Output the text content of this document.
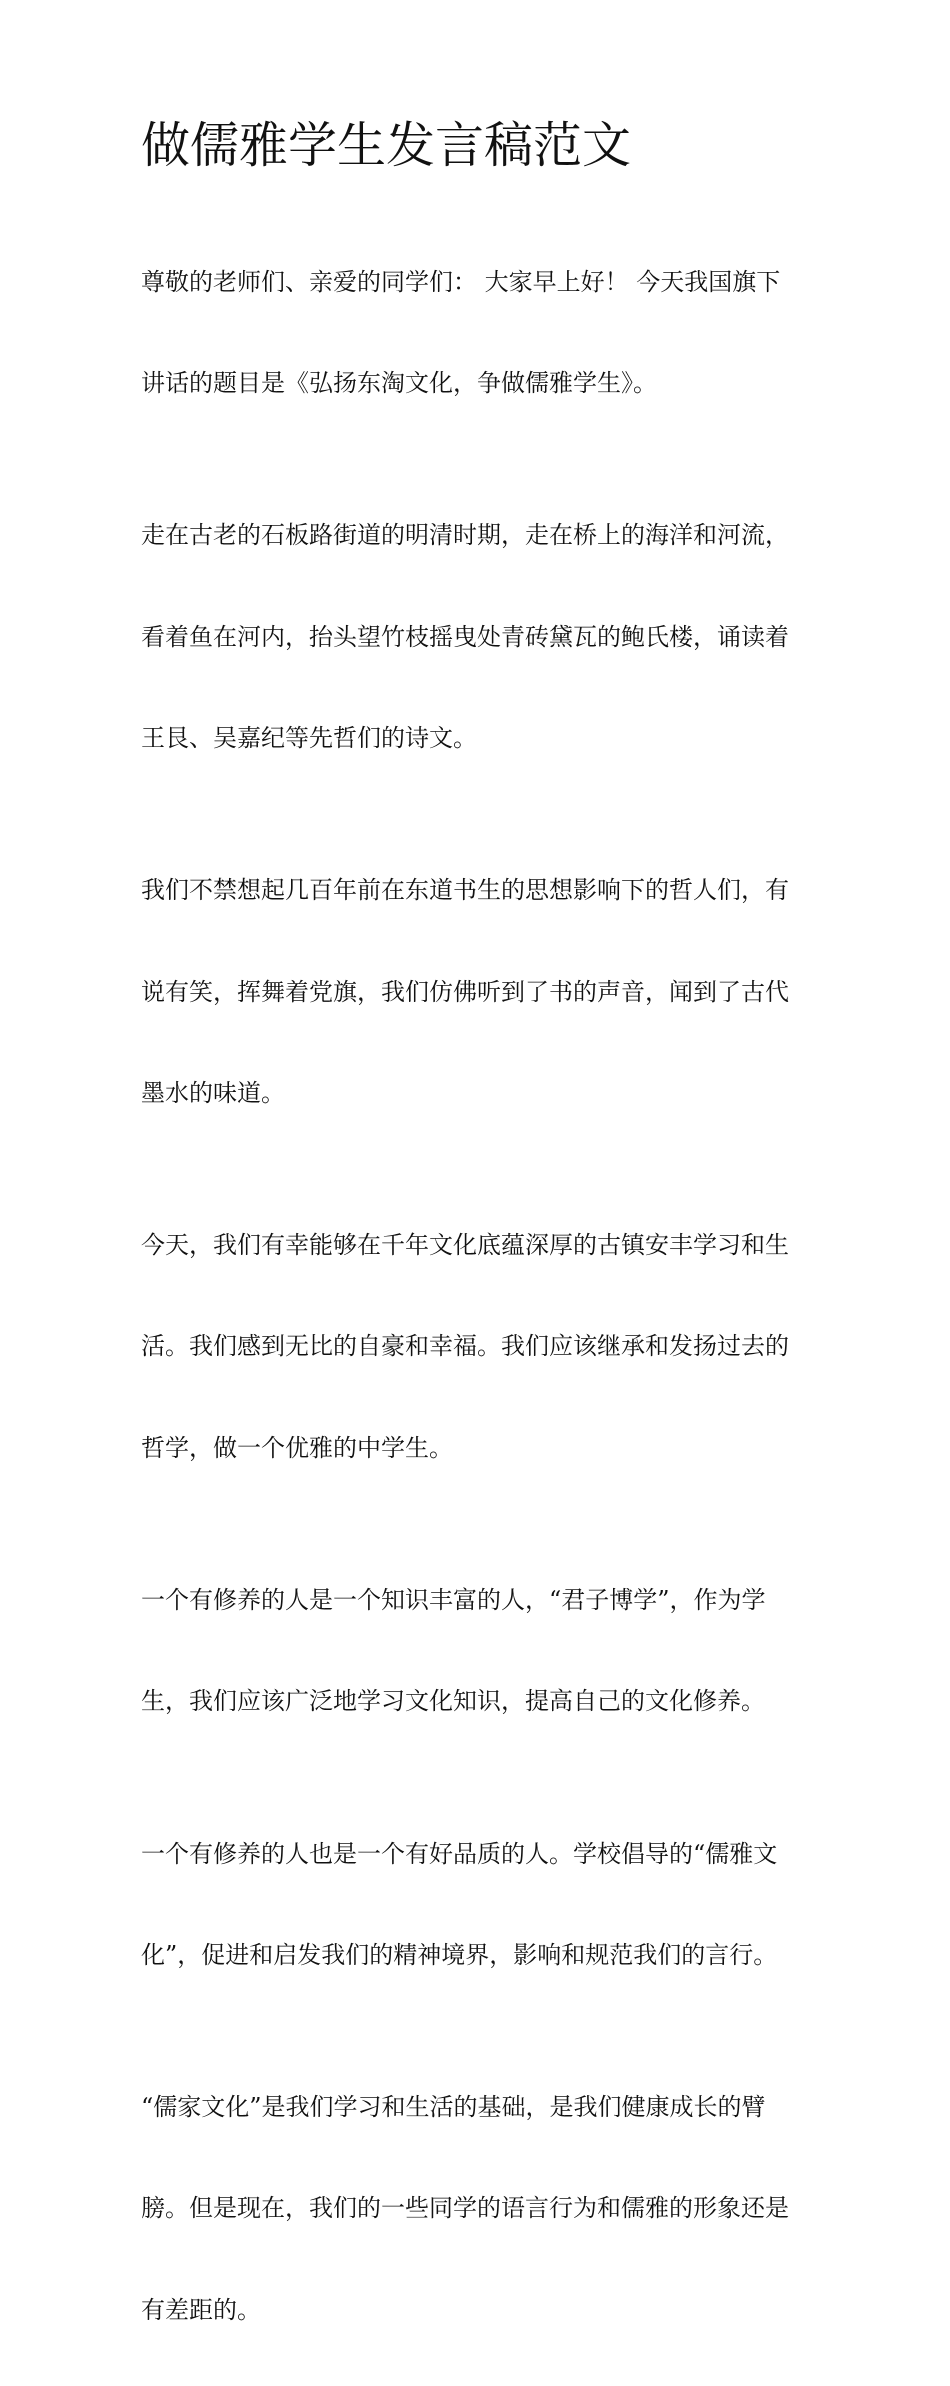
做儒雅学生发言稿范文

尊敬的老师们、亲爱的同学们： 大家早上好！ 今天我国旗下

讲话的题目是《弘扬东淘文化，争做儒雅学生》。

走在古老的石板路街道的明清时期，走在桥上的海洋和河流，

看着鱼在河内，抬头望竹枝摇曳处青砖黛瓦的鲍氏楼，诵读着

王艮、吴嘉纪等先哲们的诗文。

我们不禁想起几百年前在东道书生的思想影响下的哲人们，有

说有笑，挥舞着党旗，我们仿佛听到了书的声音，闻到了古代

墨水的味道。

今天，我们有幸能够在千年文化底蕴深厚的古镇安丰学习和生

活。我们感到无比的自豪和幸福。我们应该继承和发扬过去的

哲学，做一个优雅的中学生。

一个有修养的人是一个知识丰富的人，“君子博学”，作为学

生，我们应该广泛地学习文化知识，提高自己的文化修养。

一个有修养的人也是一个有好品质的人。学校倡导的“儒雅文

化”，促进和启发我们的精神境界，影响和规范我们的言行。

“儒家文化”是我们学习和生活的基础，是我们健康成长的臂

膀。但是现在，我们的一些同学的语言行为和儒雅的形象还是

有差距的。
